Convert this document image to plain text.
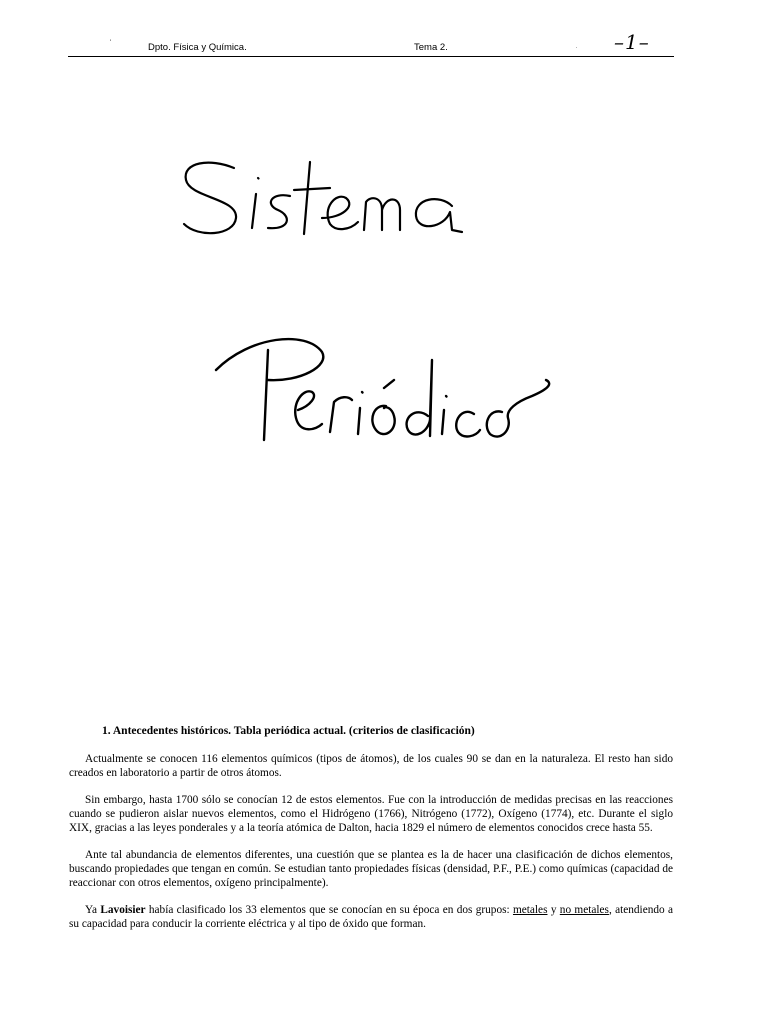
'	Dpto. Física y Química.	Tema 2.	. –1–
1. Antecedentes históricos. Tabla periódica actual. (criterios de clasificación)

Actualmente se conocen 116 elementos químicos (tipos de átomos), de los cuales 90 se dan en la naturaleza. El resto han sido creados en laboratorio a partir de otros átomos.

Sin embargo, hasta 1700 sólo se conocían 12 de estos elementos. Fue con la introducción de medidas precisas en las reacciones cuando se pudieron aislar nuevos elementos, como el Hidrógeno (1766), Nitrógeno (1772), Oxígeno (1774), etc. Durante el siglo XIX, gracias a las leyes ponderales y a la teoría atómica de Dalton, hacia 1829 el número de elementos conocidos crece hasta 55.

Ante tal abundancia de elementos diferentes, una cuestión que se plantea es la de hacer una clasificación de dichos elementos, buscando propiedades que tengan en común. Se estudian tanto propiedades físicas (densidad, P.F., P.E.) como químicas (capacidad de reaccionar con otros elementos, oxígeno principalmente).

Ya Lavoisier había clasificado los 33 elementos que se conocían en su época en dos grupos: metales y no metales, atendiendo a su capacidad para conducir la corriente eléctrica y al tipo de óxido que forman.
